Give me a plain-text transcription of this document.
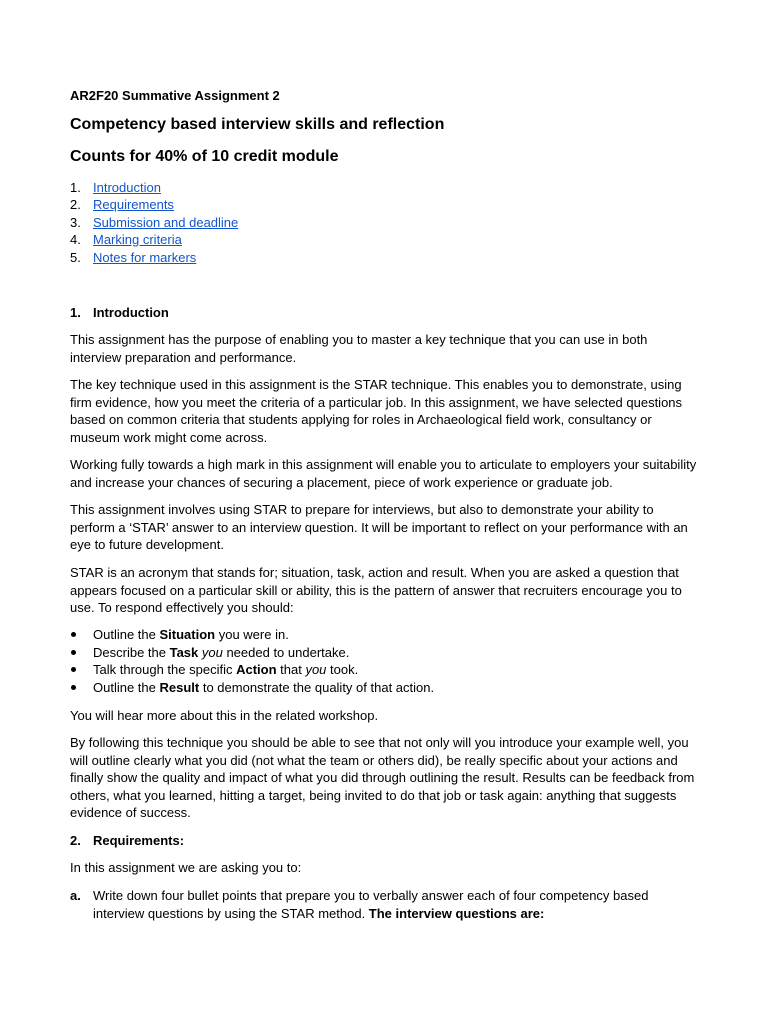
AR2F20 Summative Assignment 2
Competency based interview skills and reflection
Counts for 40% of 10 credit module
1. Introduction
2. Requirements
3. Submission and deadline
4. Marking criteria
5. Notes for markers
1. Introduction

This assignment has the purpose of enabling you to master a key technique that you can use in both interview preparation and performance.

The key technique used in this assignment is the STAR technique. This enables you to demonstrate, using firm evidence, how you meet the criteria of a particular job. In this assignment, we have selected questions based on common criteria that students applying for roles in Archaeological field work, consultancy or museum work might come across.

Working fully towards a high mark in this assignment will enable you to articulate to employers your suitability and increase your chances of securing a placement, piece of work experience or graduate job.

This assignment involves using STAR to prepare for interviews, but also to demonstrate your ability to perform a ‘STAR’ answer to an interview question. It will be important to reflect on your performance with an eye to future development.

STAR is an acronym that stands for; situation, task, action and result. When you are asked a question that appears focused on a particular skill or ability, this is the pattern of answer that recruiters encourage you to use. To respond effectively you should:

Outline the Situation you were in.
Describe the Task you needed to undertake.
Talk through the specific Action that you took.
Outline the Result to demonstrate the quality of that action.

You will hear more about this in the related workshop.

By following this technique you should be able to see that not only will you introduce your example well, you will outline clearly what you did (not what the team or others did), be really specific about your actions and finally show the quality and impact of what you did through outlining the result. Results can be feedback from others, what you learned, hitting a target, being invited to do that job or task again: anything that suggests evidence of success.

2. Requirements:

In this assignment we are asking you to:

a. Write down four bullet points that prepare you to verbally answer each of four competency based interview questions by using the STAR method. The interview questions are:
